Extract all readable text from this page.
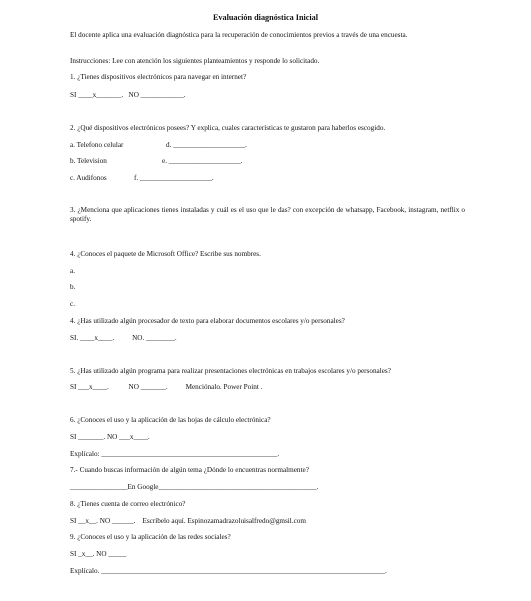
Evaluación diagnóstica Inicial
El docente aplica una evaluación diagnóstica para la recuperación de conocimientos previos a través de una encuesta.
Instrucciones: Lee con atención los siguientes planteamientos y responde lo solicitado.
1. ¿Tienes dispositivos electrónicos para navegar en internet?
SI ____x_______.   NO ____________.
2. ¿Qué dispositivos electrónicos posees? Y explica, cuales características te gustaron para haberlos escogido.
a. Telefono celular	d. ____________________.
b. Television	e. ____________________.
c. Audifonos	f. ____________________.
3. ¿Menciona que aplicaciones tienes instaladas y cuál es el uso que le das? con excepción de whatsapp, Facebook, instagram, netflix o spotify.
4. ¿Conoces el paquete de Microsoft Office? Escribe sus nombres.
a.
b.
c.
4. ¿Has utilizado algún procesador de texto para elaborar documentos escolares y/o personales?
SI. ____x____.          NO. ________.
5. ¿Has utilizado algún programa para realizar presentaciones electrónicas en trabajos escolares y/o personales?
SI ___x____.           NO _______.          Menciónalo. Power Point .
6. ¿Conoces el uso y la aplicación de las hojas de cálculo electrónica?
SI _______. NO ___x____.
Explícalo: _________________________________________________.
7.- Cuando buscas información de algún tema ¿Dónde lo encuentras normalmente?
________________En Google____________________________________________.
8. ¿Tienes cuenta de correo electrónico?
SI __x__. NO ______.    Escríbelo aquí. Espinozamadrazoluisalfredo@gmsil.com
9. ¿Conoces el uso y la aplicación de las redes sociales?
SI _x__. NO _____
Explícalo. _______________________________________________________________________________.
